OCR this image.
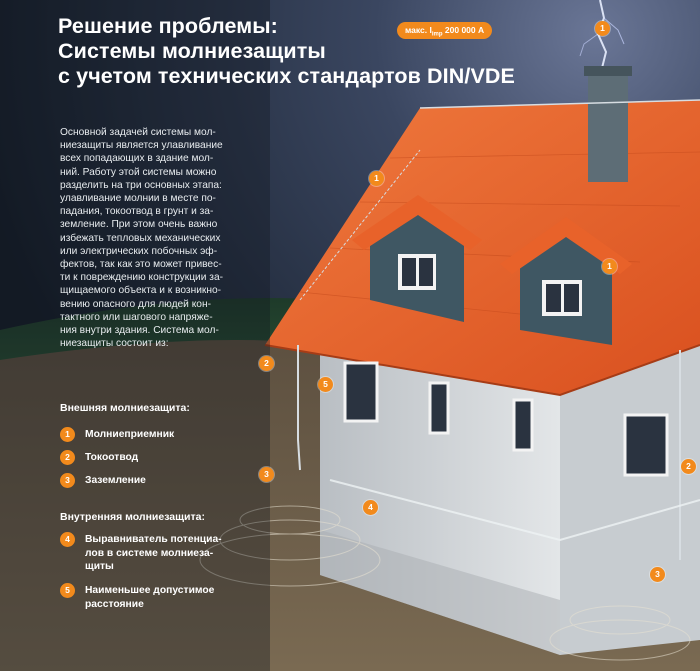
Решение проблемы:
Системы молниезащиты
с учетом технических стандартов DIN/VDE
макс. $I_{imp}$ 200 000 А
Основной задачей системы мол-
ниезащиты является улавливание
всех попадающих в здание мол-
ний. Работу этой системы можно
разделить на три основных этапа:
улавливание молнии в месте по-
падания, токоотвод в грунт и за-
земление. При этом очень важно
избежать тепловых механических
или электрических побочных эф-
фектов, так как это может привес-
ти к повреждению конструкции за-
щищаемого объекта и к возникно-
вению опасного для людей кон-
тактного или шагового напряже-
ния внутри здания. Система мол-
ниезащиты состоит из:
Внешняя молниезащита:
1	Молниеприемник
2	Токоотвод
3	Заземление
Внутренняя молниезащита:
4	Выравниватель потенциа-
лов в системе молниеза-
щиты
5	Наименьшее допустимое
расстояние
1
1
1
2
5
2
3
4
3
